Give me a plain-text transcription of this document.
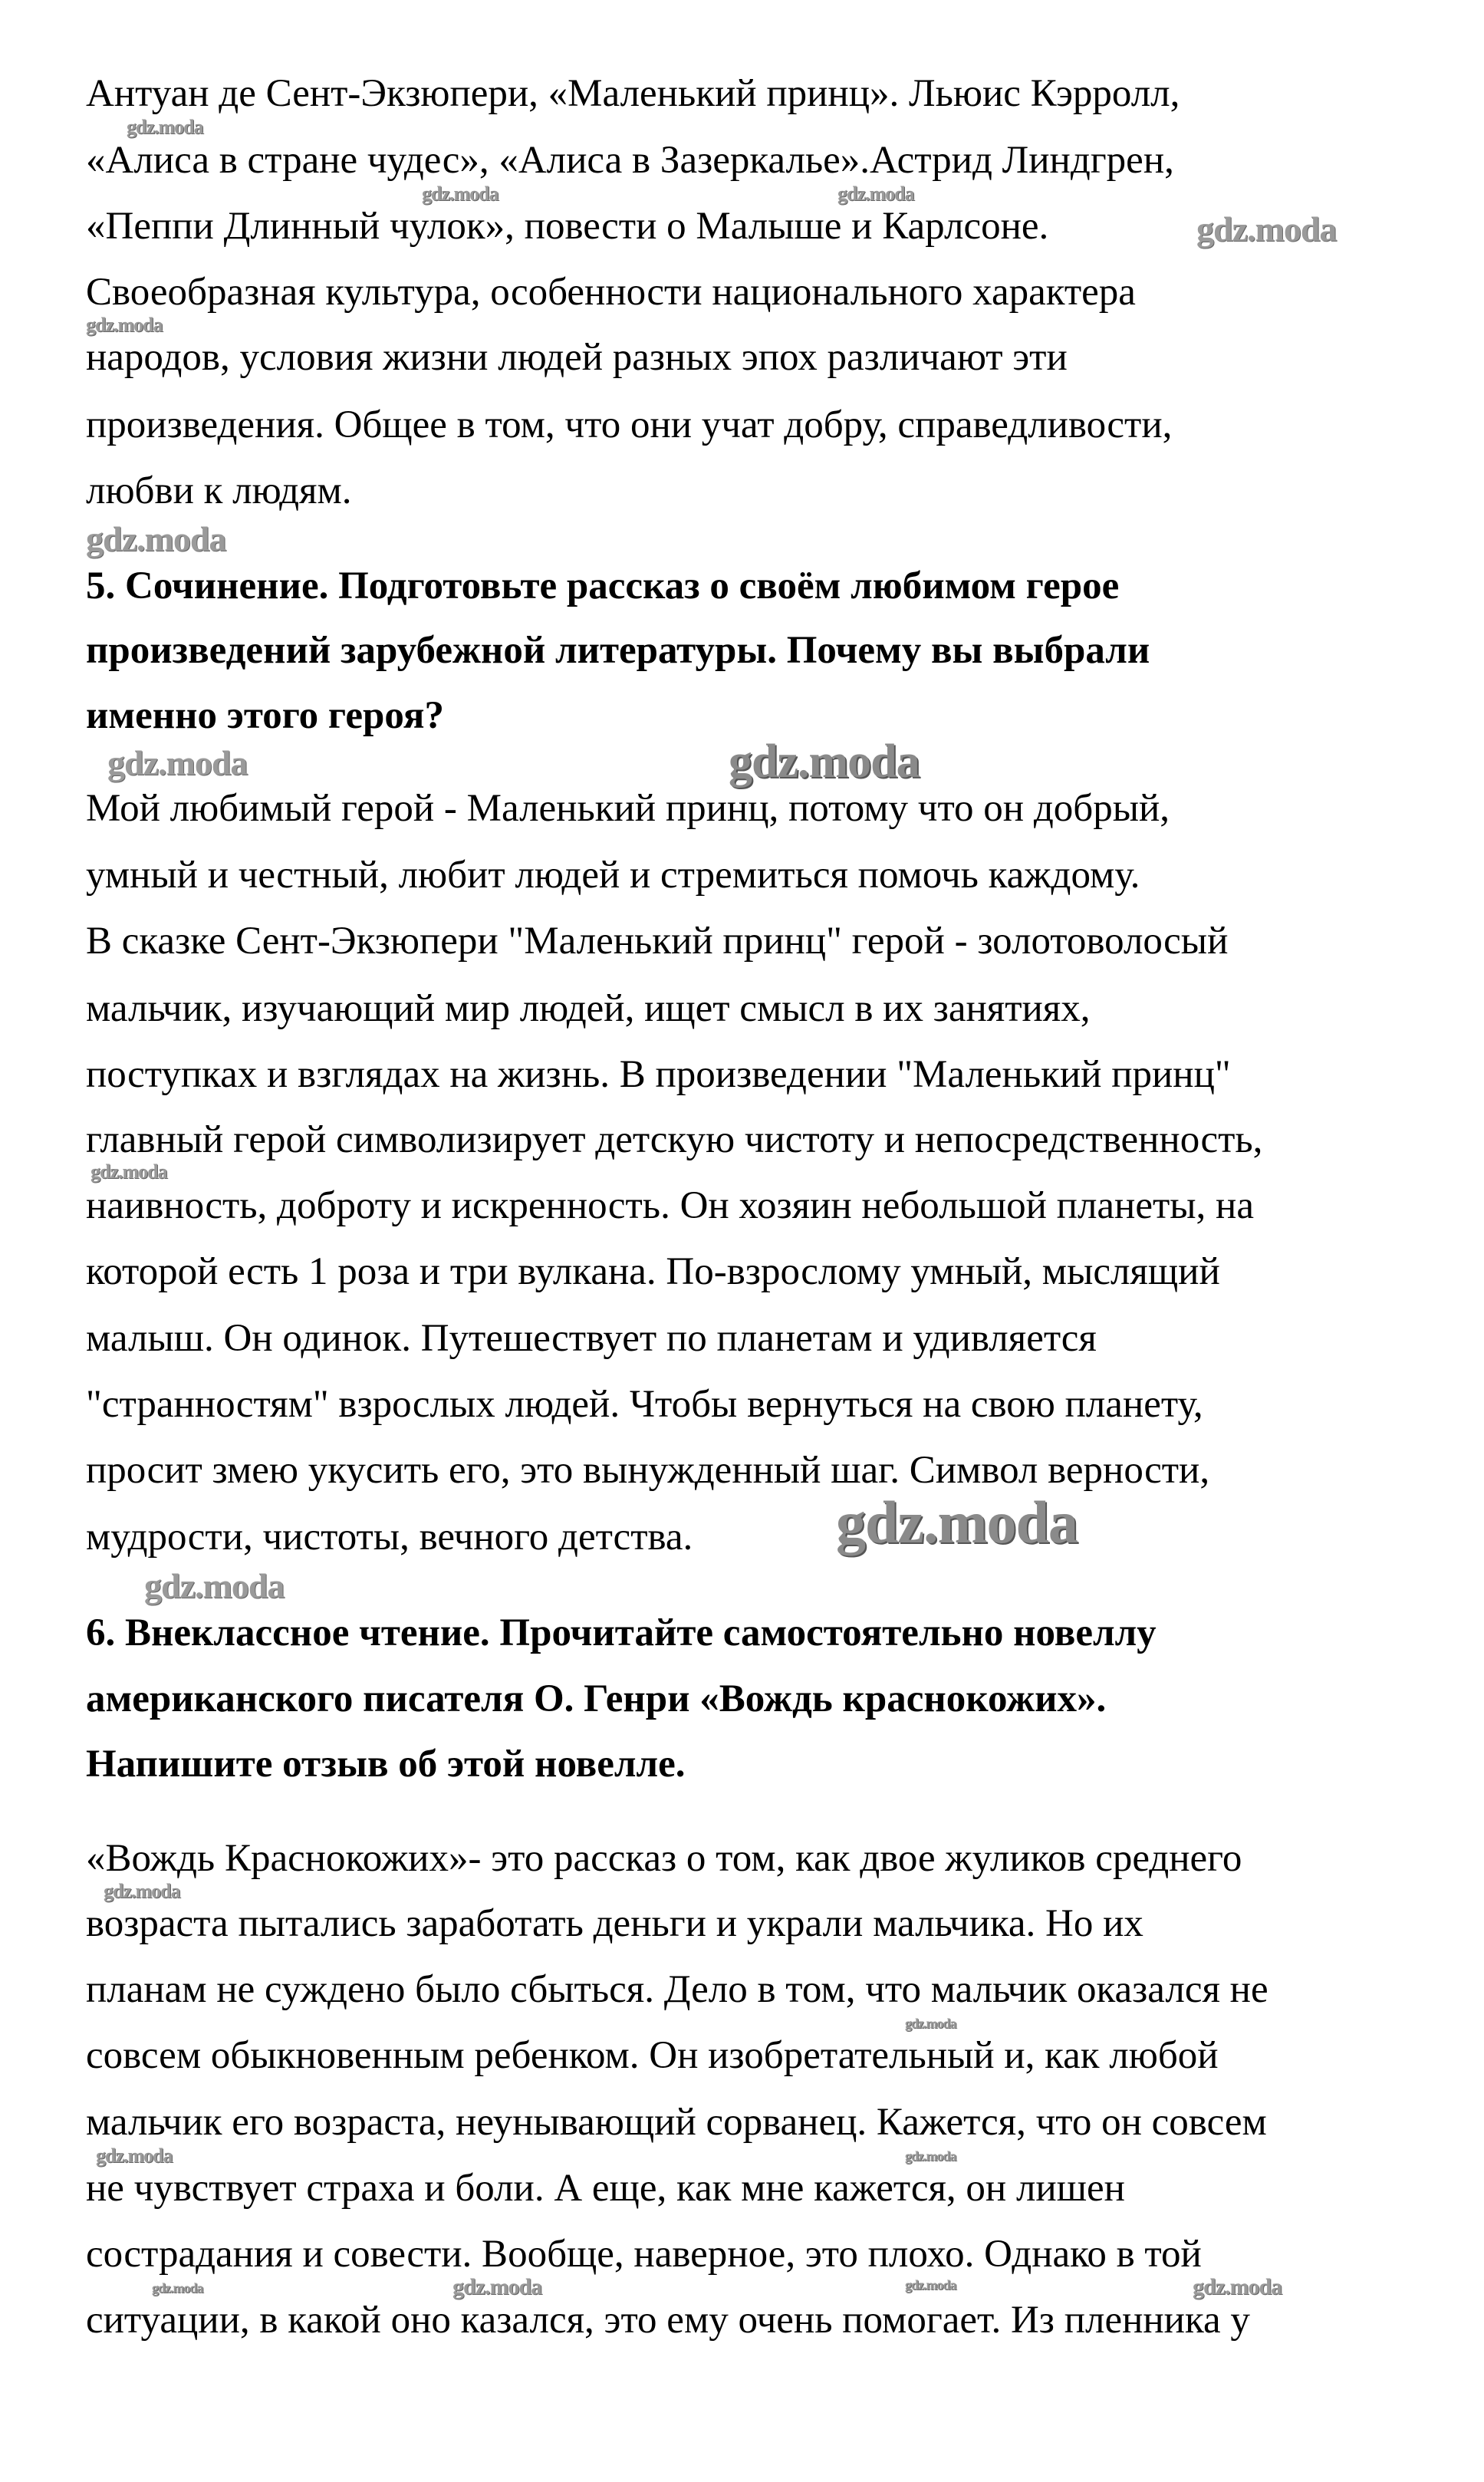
Антуан де Сент-Экзюпери, «Маленький принц». Льюис Кэрролл,
«Алиса в стране чудес», «Алиса в Зазеркалье».Астрид Линдгрен,
«Пеппи Длинный чулок», повести о Малыше и Карлсоне.
Своеобразная культура, особенности национального характера
народов, условия жизни людей разных эпох различают эти
произведения. Общее в том, что они учат добру, справедливости,
любви к людям.
5. Сочинение. Подготовьте рассказ о своём любимом герое
произведений зарубежной литературы. Почему вы выбрали
именно этого героя?
Мой любимый герой - Маленький принц, потому что он добрый,
умный и честный, любит людей и стремиться помочь каждому.
В сказке Сент-Экзюпери "Маленький принц" герой - золотоволосый
мальчик, изучающий мир людей, ищет смысл в их занятиях,
поступках и взглядах на жизнь. В произведении "Маленький принц"
главный герой символизирует детскую чистоту и непосредственность,
наивность, доброту и искренность. Он хозяин небольшой планеты, на
которой есть 1 роза и три вулкана. По-взрослому умный, мыслящий
малыш. Он одинок. Путешествует по планетам и удивляется
"странностям" взрослых людей. Чтобы вернуться на свою планету,
просит змею укусить его, это вынужденный шаг. Символ верности,
мудрости, чистоты, вечного детства.
6. Внеклассное чтение. Прочитайте самостоятельно новеллу
американского писателя О. Генри «Вождь краснокожих».
Напишите отзыв об этой новелле.
«Вождь Краснокожих»- это рассказ о том, как двое жуликов среднего
возраста пытались заработать деньги и украли мальчика. Но их
планам не суждено было сбыться. Дело в том, что мальчик оказался не
совсем обыкновенным ребенком. Он изобретательный и, как любой
мальчик его возраста, неунывающий сорванец. Кажется, что он совсем
не чувствует страха и боли. А еще, как мне кажется, он лишен
сострадания и совести. Вообще, наверное, это плохо. Однако в той
ситуации, в какой оно казался, это ему очень помогает. Из пленника у
gdz.moda
gdz.moda	gdz.moda
gdz.moda
gdz.moda
gdz.moda
gdz.moda
gdz.moda
gdz.moda
gdz.moda
gdz.moda
gdz.moda
gdz.moda
gdz.moda	gdz.moda
gdz.moda
gdz.moda	gdz.moda
gdz.moda
